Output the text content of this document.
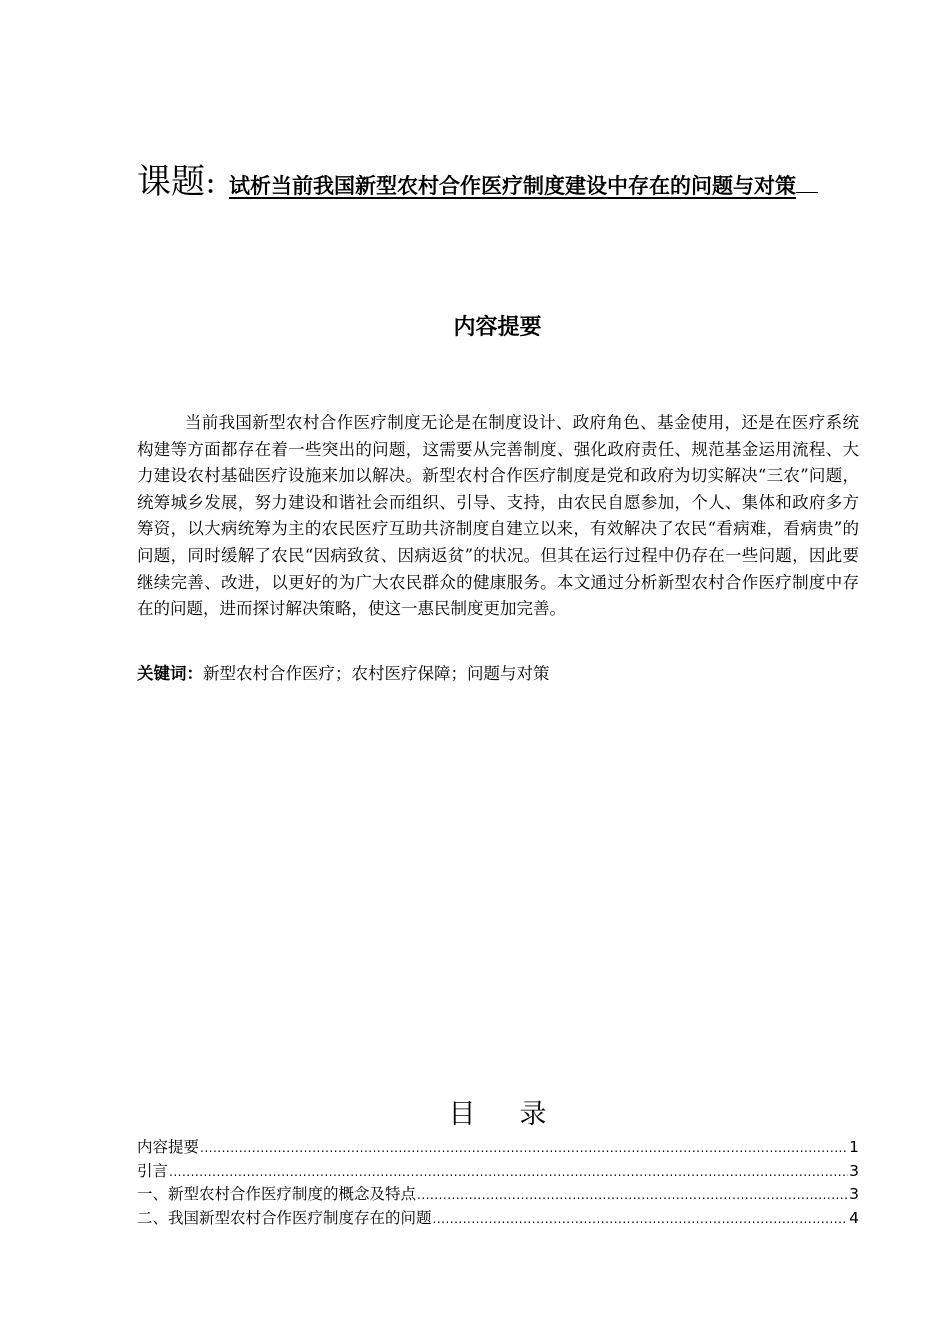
课题：试析当前我国新型农村合作医疗制度建设中存在的问题与对策
内容提要

当前我国新型农村合作医疗制度无论是在制度设计、政府角色、基金使用，还是在医疗系统构建等方面都存在着一些突出的问题，这需要从完善制度、强化政府责任、规范基金运用流程、大力建设农村基础医疗设施来加以解决。新型农村合作医疗制度是党和政府为切实解决“三农”问题，统筹城乡发展，努力建设和谐社会而组织、引导、支持，由农民自愿参加，个人、集体和政府多方筹资，以大病统筹为主的农民医疗互助共济制度自建立以来，有效解决了农民“看病难，看病贵”的问题，同时缓解了农民“因病致贫、因病返贫”的状况。但其在运行过程中仍存在一些问题，因此要继续完善、改进，以更好的为广大农民群众的健康服务。本文通过分析新型农村合作医疗制度中存在的问题，进而探讨解决策略，使这一惠民制度更加完善。

关键词：新型农村合作医疗；农村医疗保障；问题与对策
目 录
内容提要 .....	1
引言 .....	3
一、新型农村合作医疗制度的概念及特点 .....	3
二、我国新型农村合作医疗制度存在的问题 .....	4
